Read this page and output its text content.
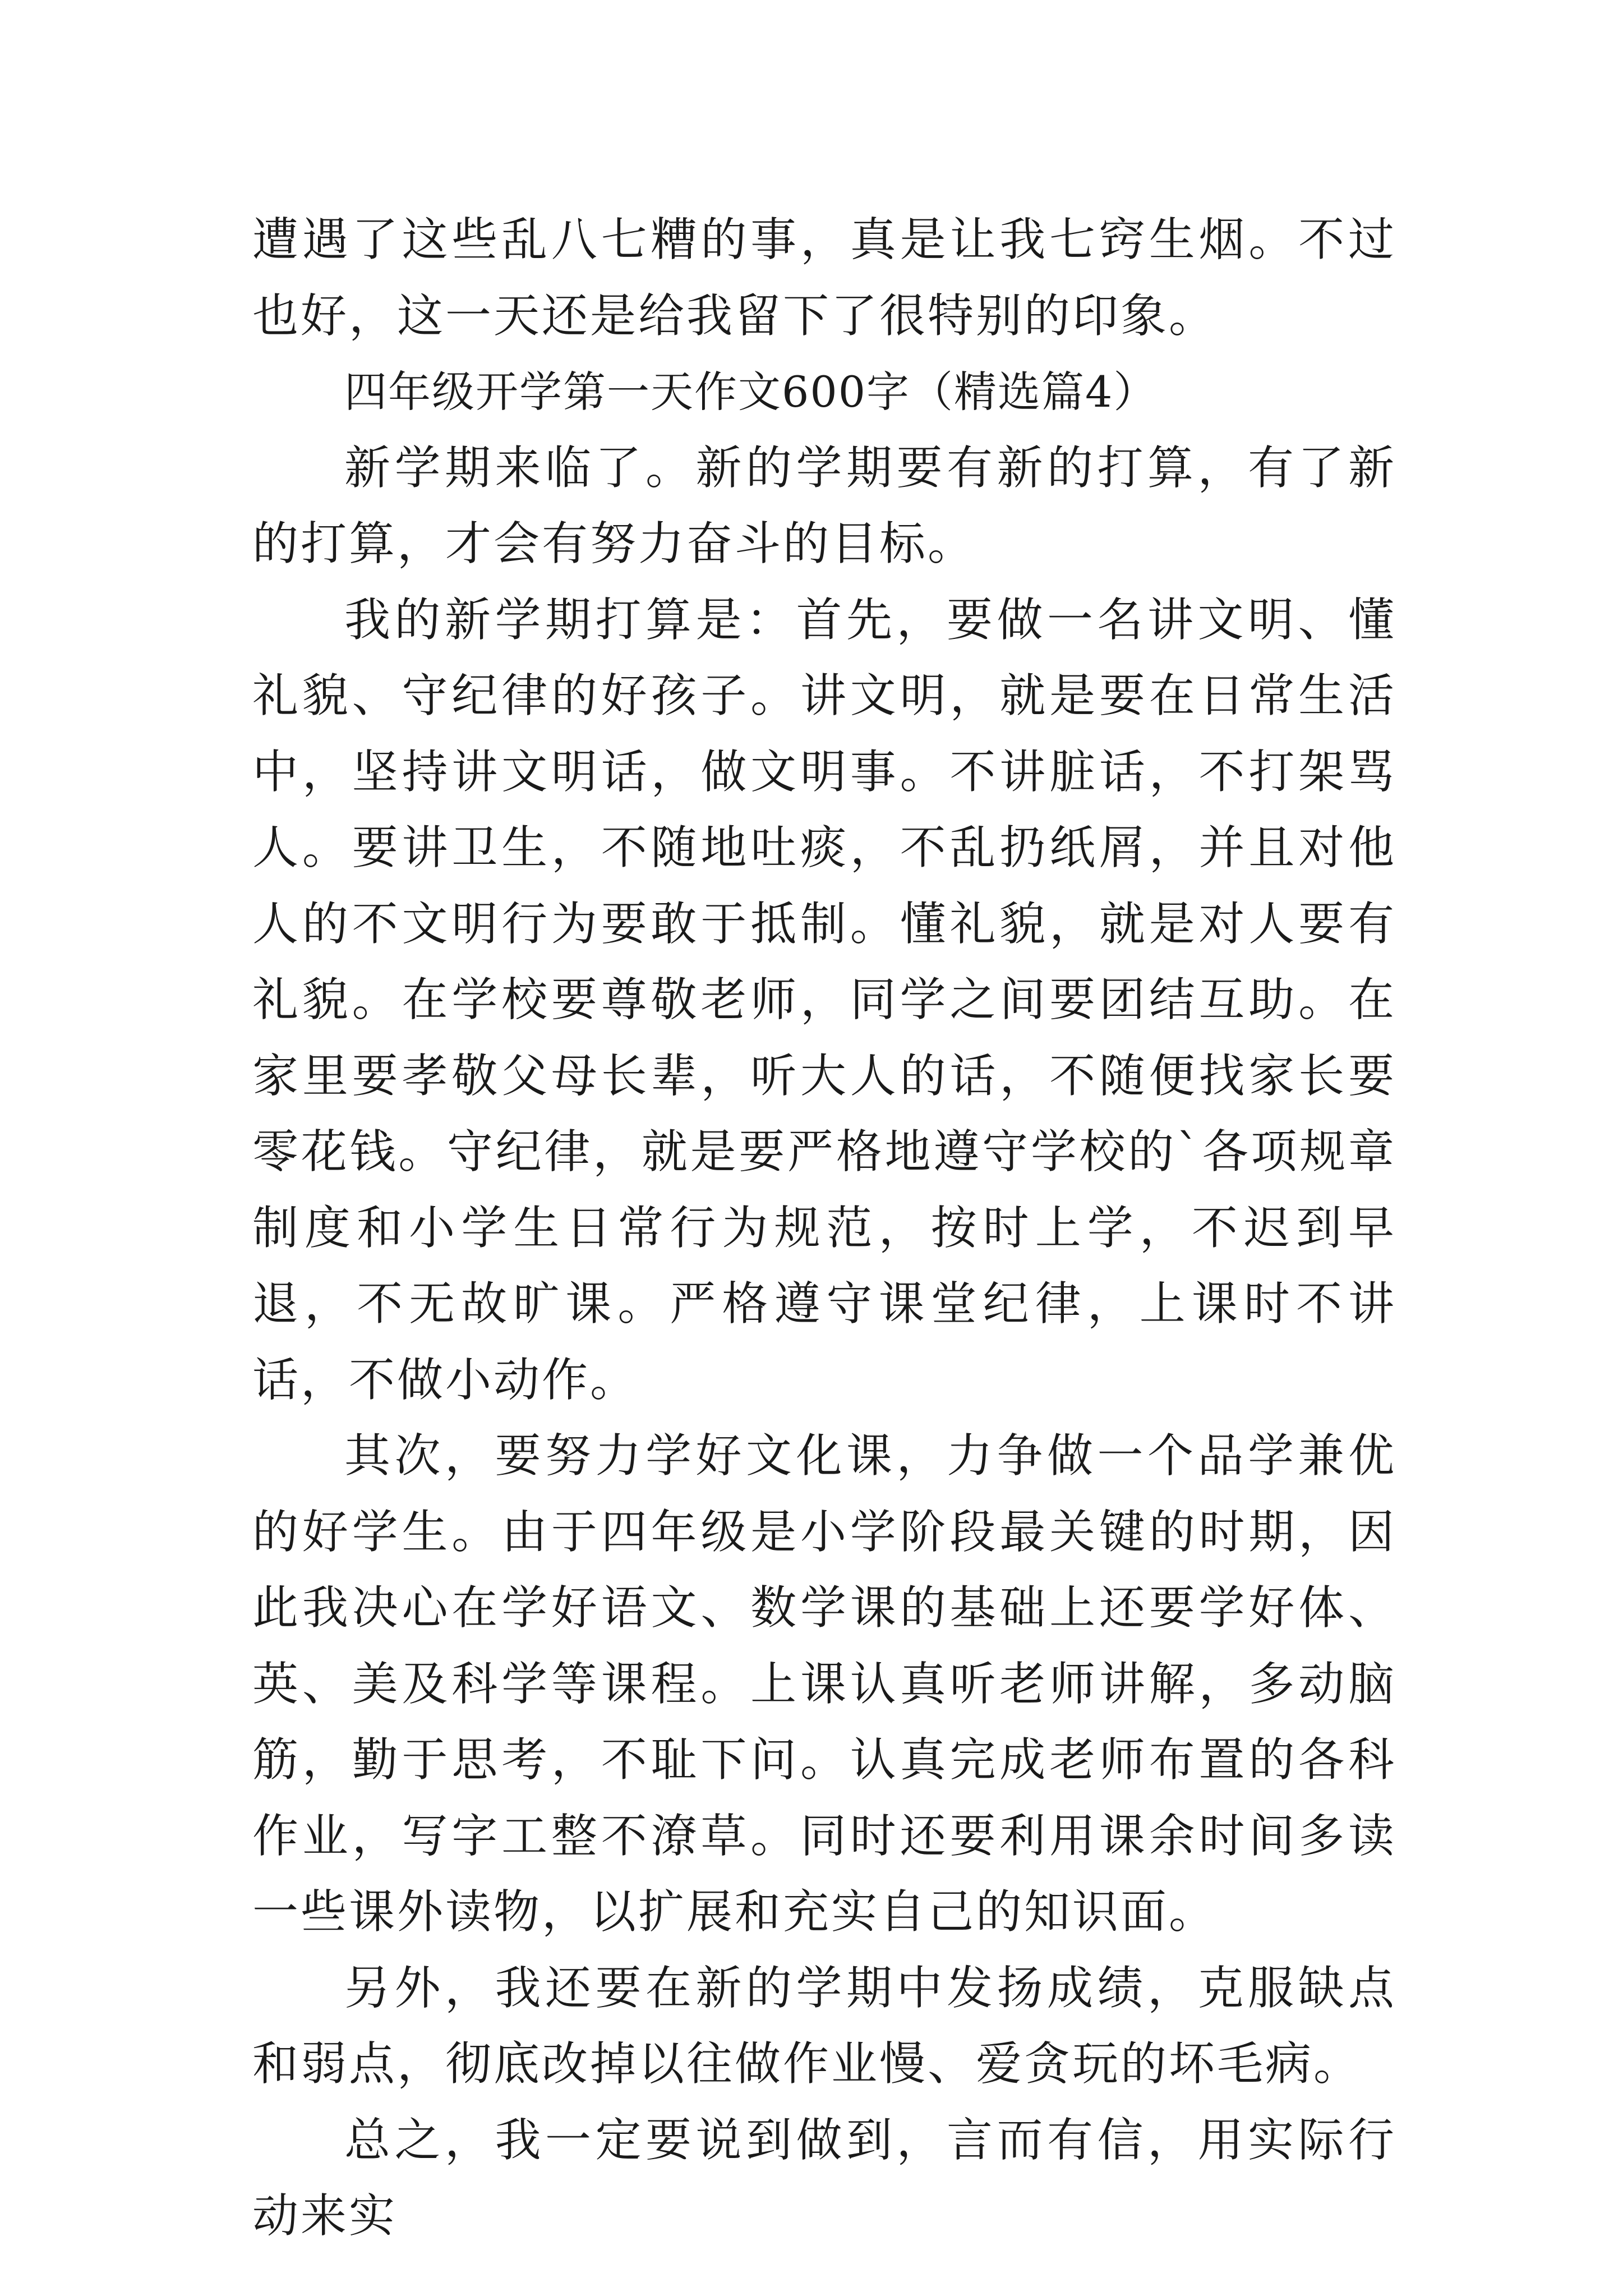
遭遇了这些乱八七糟的事，真是让我七窍生烟。不过也好，这一天还是给我留下了很特别的印象。

四年级开学第一天作文600字（精选篇4）

新学期来临了。新的学期要有新的打算，有了新的打算，才会有努力奋斗的目标。

我的新学期打算是：首先，要做一名讲文明、懂礼貌、守纪律的好孩子。讲文明，就是要在日常生活中，坚持讲文明话，做文明事。不讲脏话，不打架骂人。要讲卫生，不随地吐痰，不乱扔纸屑，并且对他人的不文明行为要敢于抵制。懂礼貌，就是对人要有礼貌。在学校要尊敬老师，同学之间要团结互助。在家里要孝敬父母长辈，听大人的话，不随便找家长要零花钱。守纪律，就是要严格地遵守学校的`各项规章制度和小学生日常行为规范，按时上学，不迟到早退，不无故旷课。严格遵守课堂纪律，上课时不讲话，不做小动作。

其次，要努力学好文化课，力争做一个品学兼优的好学生。由于四年级是小学阶段最关键的时期，因此我决心在学好语文、数学课的基础上还要学好体、英、美及科学等课程。上课认真听老师讲解，多动脑筋，勤于思考，不耻下问。认真完成老师布置的各科作业，写字工整不潦草。同时还要利用课余时间多读一些课外读物，以扩展和充实自己的知识面。

另外，我还要在新的学期中发扬成绩，克服缺点和弱点，彻底改掉以往做作业慢、爱贪玩的坏毛病。

总之，我一定要说到做到，言而有信，用实际行动来实
